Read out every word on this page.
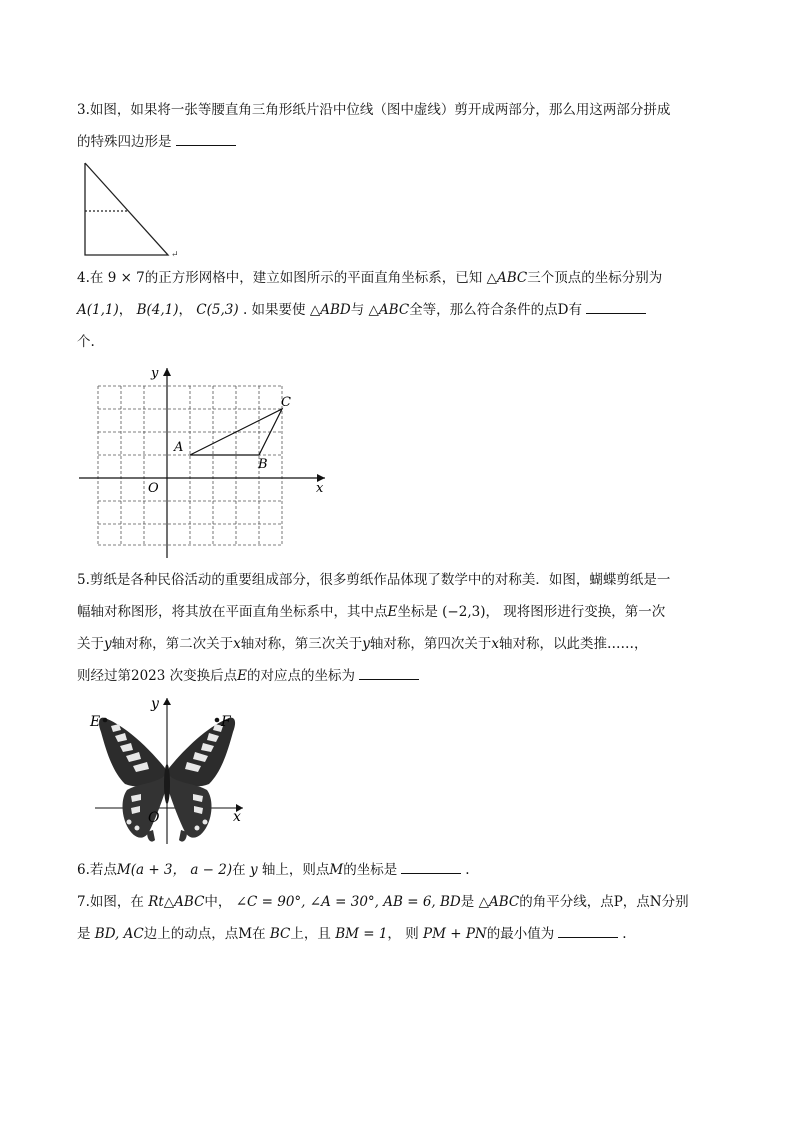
3.如图，如果将一张等腰直角三角形纸片沿中位线（图中虚线）剪开成两部分，那么用这两部分拼成
的特殊四边形是
↵
4.在 9 × 7的正方形网格中，建立如图所示的平面直角坐标系，已知 △ABC三个顶点的坐标分别为
A(1,1)， B(4,1)， C(5,3) . 如果要使 △ABD与 △ABC全等，那么符合条件的点D有
个.
A
B
C
O	x
y
5.剪纸是各种民俗活动的重要组成部分，很多剪纸作品体现了数学中的对称美．如图，蝴蝶剪纸是一
幅轴对称图形，将其放在平面直角坐标系中，其中点E坐标是 (−2,3)， 现将图形进行变换，第一次
关于y轴对称，第二次关于x轴对称，第三次关于y轴对称，第四次关于x轴对称，以此类推……，
则经过第2023 次变换后点E的对应点的坐标为
E	F
O	x
y
6.若点M(a + 3， a − 2)在 y 轴上，则点M的坐标是	.
7.如图，在 Rt△ABC中， ∠C = 90°, ∠A = 30°, AB = 6, BD是 △ABC的角平分线，点P，点N分别
是 BD, AC边上的动点，点M在 BC上，且 BM = 1， 则 PM + PN的最小值为	.
